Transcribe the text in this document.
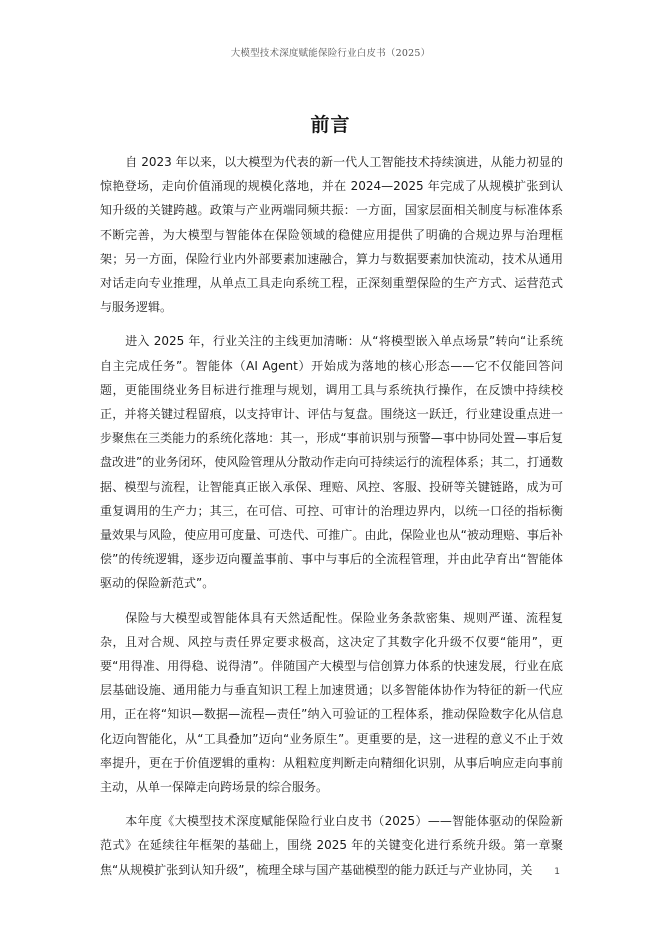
大模型技术深度赋能保险行业白皮书（2025）
前言

自 2023 年以来，以大模型为代表的新一代人工智能技术持续演进，从能力初显的惊艳登场，走向价值涌现的规模化落地，并在 2024—2025 年完成了从规模扩张到认知升级的关键跨越。政策与产业两端同频共振：一方面，国家层面相关制度与标准体系不断完善，为大模型与智能体在保险领域的稳健应用提供了明确的合规边界与治理框架；另一方面，保险行业内外部要素加速融合，算力与数据要素加快流动，技术从通用对话走向专业推理，从单点工具走向系统工程，正深刻重塑保险的生产方式、运营范式与服务逻辑。

进入 2025 年，行业关注的主线更加清晰：从“将模型嵌入单点场景”转向“让系统自主完成任务”。智能体（AI Agent）开始成为落地的核心形态——它不仅能回答问题，更能围绕业务目标进行推理与规划，调用工具与系统执行操作，在反馈中持续校正，并将关键过程留痕，以支持审计、评估与复盘。围绕这一跃迁，行业建设重点进一步聚焦在三类能力的系统化落地：其一，形成“事前识别与预警—事中协同处置—事后复盘改进”的业务闭环，使风险管理从分散动作走向可持续运行的流程体系；其二，打通数据、模型与流程，让智能真正嵌入承保、理赔、风控、客服、投研等关键链路，成为可重复调用的生产力；其三，在可信、可控、可审计的治理边界内，以统一口径的指标衡量效果与风险，使应用可度量、可迭代、可推广。由此，保险业也从“被动理赔、事后补偿”的传统逻辑，逐步迈向覆盖事前、事中与事后的全流程管理，并由此孕育出“智能体驱动的保险新范式”。

保险与大模型或智能体具有天然适配性。保险业务条款密集、规则严谨、流程复杂，且对合规、风控与责任界定要求极高，这决定了其数字化升级不仅要“能用”，更要“用得准、用得稳、说得清”。伴随国产大模型与信创算力体系的快速发展，行业在底层基础设施、通用能力与垂直知识工程上加速贯通；以多智能体协作为特征的新一代应用，正在将“知识—数据—流程—责任”纳入可验证的工程体系，推动保险数字化从信息化迈向智能化，从“工具叠加”迈向“业务原生”。更重要的是，这一进程的意义不止于效率提升，更在于价值逻辑的重构：从粗粒度判断走向精细化识别，从事后响应走向事前主动，从单一保障走向跨场景的综合服务。

本年度《大模型技术深度赋能保险行业白皮书（2025）——智能体驱动的保险新范式》在延续往年框架的基础上，围绕 2025 年的关键变化进行系统升级。第一章聚焦“从规模扩张到认知升级”，梳理全球与国产基础模型的能力跃迁与产业协同，关	1
